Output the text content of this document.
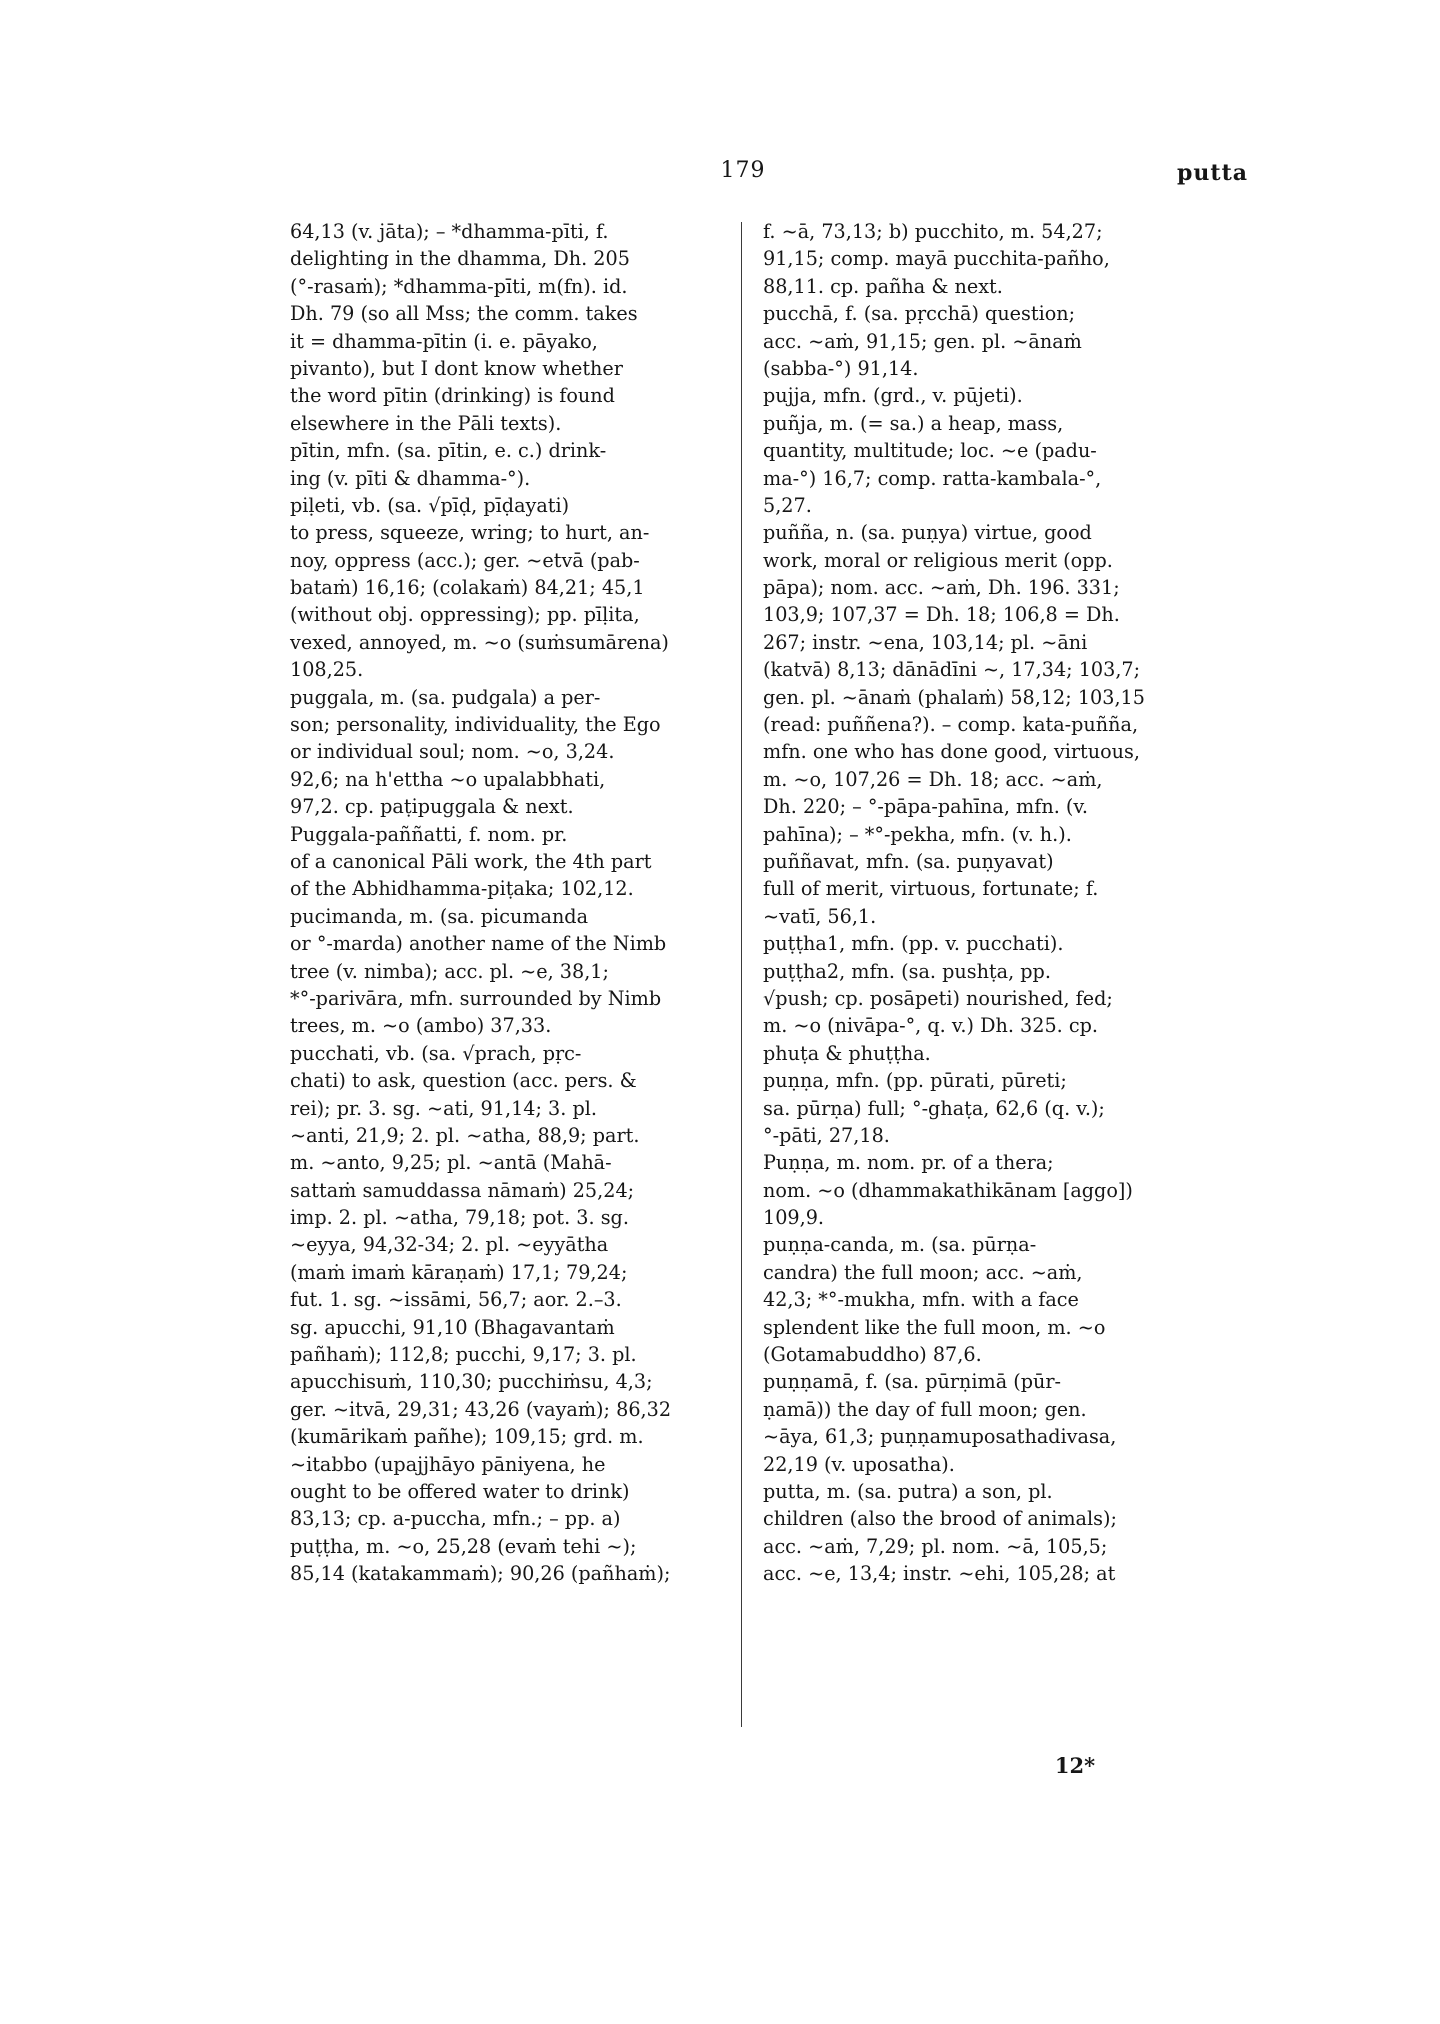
179	putta
64,13 (v. jāta); – *dhamma-pīti, f.
delighting in the dhamma, Dh. 205
(°-rasaṁ); *dhamma-pīti, m(fn). id.
Dh. 79 (so all Mss; the comm. takes
it = dhamma-pītin (i. e. pāyako,
pivanto), but I dont know whether
the word pītin (drinking) is found
elsewhere in the Pāli texts).
pītin, mfn. (sa. pītin, e. c.) drink-
ing (v. pīti & dhamma-°).
piḷeti, vb. (sa. √pīḍ, pīḍayati)
to press, squeeze, wring; to hurt, an-
noy, oppress (acc.); ger. ~etvā (pab-
bataṁ) 16,16; (colakaṁ) 84,21; 45,1
(without obj. oppressing); pp. pīḷita,
vexed, annoyed, m. ~o (suṁsumārena)
108,25.
puggala, m. (sa. pudgala) a per-
son; personality, individuality, the Ego
or individual soul; nom. ~o, 3,24.
92,6; na h'ettha ~o upalabbhati,
97,2. cp. paṭipuggala & next.
Puggala-paññatti, f. nom. pr.
of a canonical Pāli work, the 4th part
of the Abhidhamma-piṭaka; 102,12.
pucimanda, m. (sa. picumanda
or °-marda) another name of the Nimb
tree (v. nimba); acc. pl. ~e, 38,1;
*°-parivāra, mfn. surrounded by Nimb
trees, m. ~o (ambo) 37,33.
pucchati, vb. (sa. √prach, pṛc-
chati) to ask, question (acc. pers. &
rei); pr. 3. sg. ~ati, 91,14; 3. pl.
~anti, 21,9; 2. pl. ~atha, 88,9; part.
m. ~anto, 9,25; pl. ~antā (Mahā-
sattaṁ samuddassa nāmaṁ) 25,24;
imp. 2. pl. ~atha, 79,18; pot. 3. sg.
~eyya, 94,32-34; 2. pl. ~eyyātha
(maṁ imaṁ kāraṇaṁ) 17,1; 79,24;
fut. 1. sg. ~issāmi, 56,7; aor. 2.–3.
sg. apucchi, 91,10 (Bhagavantaṁ
pañhaṁ); 112,8; pucchi, 9,17; 3. pl.
apucchisuṁ, 110,30; pucchiṁsu, 4,3;
ger. ~itvā, 29,31; 43,26 (vayaṁ); 86,32
(kumārikaṁ pañhe); 109,15; grd. m.
~itabbo (upajjhāyo pāniyena, he
ought to be offered water to drink)
83,13; cp. a-puccha, mfn.; – pp. a)
puṭṭha, m. ~o, 25,28 (evaṁ tehi ~);
85,14 (katakammaṁ); 90,26 (pañhaṁ);
f. ~ā, 73,13; b) pucchito, m. 54,27;
91,15; comp. mayā pucchita-pañho,
88,11. cp. pañha & next.
pucchā, f. (sa. pṛcchā) question;
acc. ~aṁ, 91,15; gen. pl. ~ānaṁ
(sabba-°) 91,14.
pujja, mfn. (grd., v. pūjeti).
puñja, m. (= sa.) a heap, mass,
quantity, multitude; loc. ~e (padu-
ma-°) 16,7; comp. ratta-kambala-°,
5,27.
puñña, n. (sa. puṇya) virtue, good
work, moral or religious merit (opp.
pāpa); nom. acc. ~aṁ, Dh. 196. 331;
103,9; 107,37 = Dh. 18; 106,8 = Dh.
267; instr. ~ena, 103,14; pl. ~āni
(katvā) 8,13; dānādīni ~, 17,34; 103,7;
gen. pl. ~ānaṁ (phalaṁ) 58,12; 103,15
(read: puññena?). – comp. kata-puñña,
mfn. one who has done good, virtuous,
m. ~o, 107,26 = Dh. 18; acc. ~aṁ,
Dh. 220; – °-pāpa-pahīna, mfn. (v.
pahīna); – *°-pekha, mfn. (v. h.).
puññavat, mfn. (sa. puṇyavat)
full of merit, virtuous, fortunate; f.
~vatī, 56,1.
puṭṭha1, mfn. (pp. v. pucchati).
puṭṭha2, mfn. (sa. pushṭa, pp.
√push; cp. posāpeti) nourished, fed;
m. ~o (nivāpa-°, q. v.) Dh. 325. cp.
phuṭa & phuṭṭha.
puṇṇa, mfn. (pp. pūrati, pūreti;
sa. pūrṇa) full; °-ghaṭa, 62,6 (q. v.);
°-pāti, 27,18.
Puṇṇa, m. nom. pr. of a thera;
nom. ~o (dhammakathikānam [aggo])
109,9.
puṇṇa-canda, m. (sa. pūrṇa-
candra) the full moon; acc. ~aṁ,
42,3; *°-mukha, mfn. with a face
splendent like the full moon, m. ~o
(Gotamabuddho) 87,6.
puṇṇamā, f. (sa. pūrṇimā (pūr-
ṇamā)) the day of full moon; gen.
~āya, 61,3; puṇṇamuposathadivasa,
22,19 (v. uposatha).
putta, m. (sa. putra) a son, pl.
children (also the brood of animals);
acc. ~aṁ, 7,29; pl. nom. ~ā, 105,5;
acc. ~e, 13,4; instr. ~ehi, 105,28; at
12*
